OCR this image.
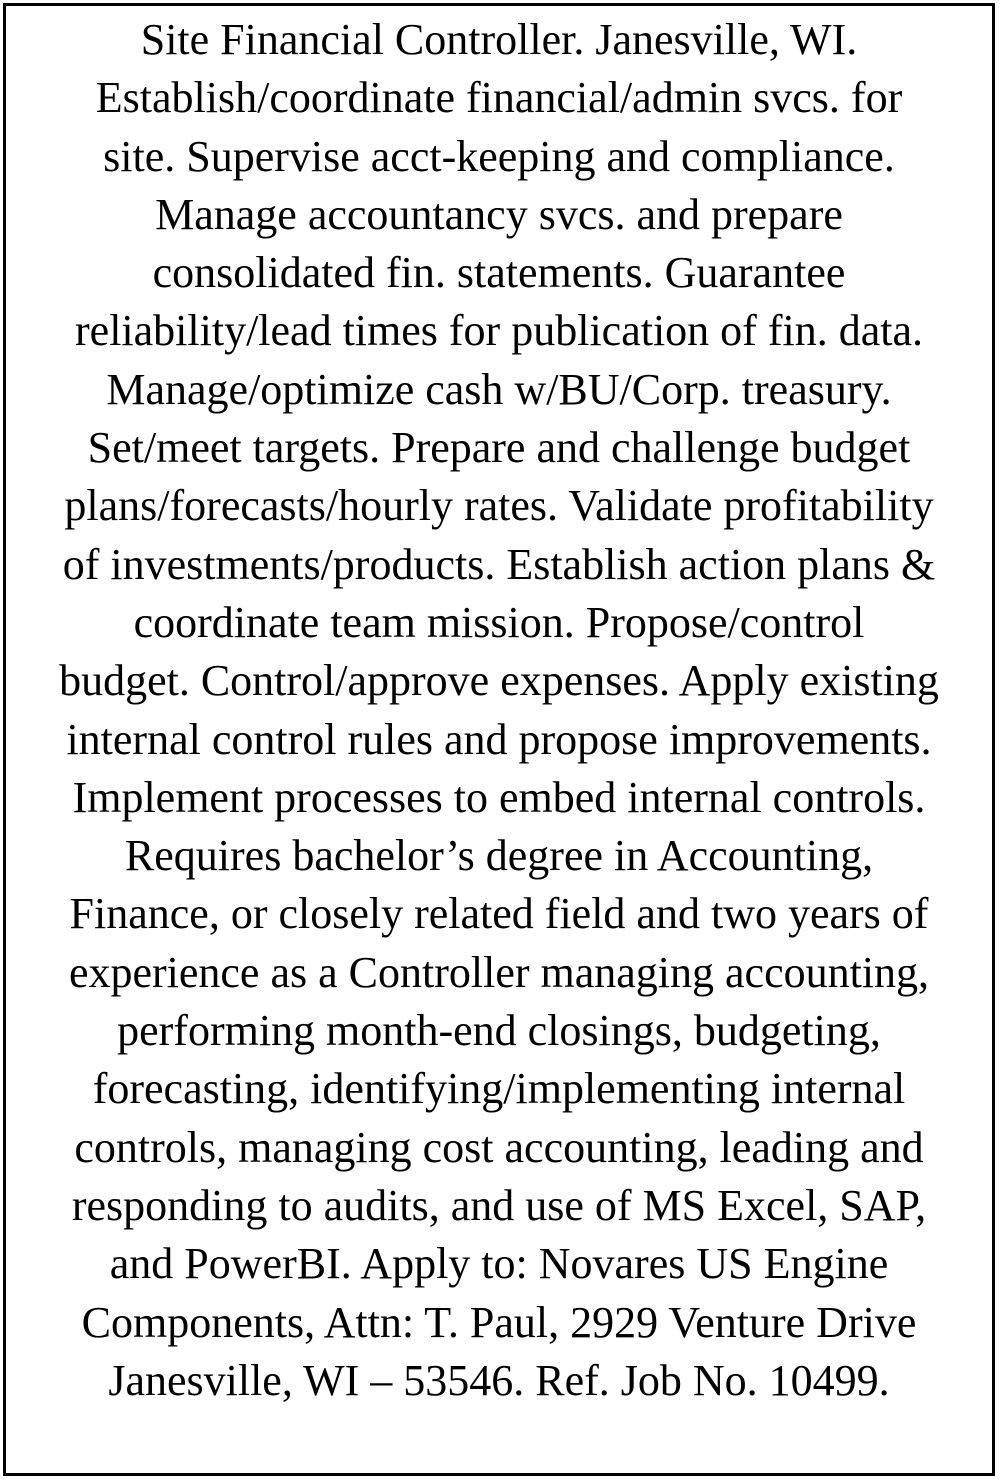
Site Financial Controller. Janesville, WI.
Establish/coordinate financial/admin svcs. for
site. Supervise acct-keeping and compliance.
Manage accountancy svcs. and prepare
consolidated fin. statements. Guarantee
reliability/lead times for publication of fin. data.
Manage/optimize cash w/BU/Corp. treasury.
Set/meet targets. Prepare and challenge budget
plans/forecasts/hourly rates. Validate profitability
of investments/products. Establish action plans &
coordinate team mission. Propose/control
budget. Control/approve expenses. Apply existing
internal control rules and propose improvements.
Implement processes to embed internal controls.
Requires bachelor’s degree in Accounting,
Finance, or closely related field and two years of
experience as a Controller managing accounting,
performing month-end closings, budgeting,
forecasting, identifying/implementing internal
controls, managing cost accounting, leading and
responding to audits, and use of MS Excel, SAP,
and PowerBI. Apply to: Novares US Engine
Components, Attn: T. Paul, 2929 Venture Drive
Janesville, WI – 53546. Ref. Job No. 10499.
